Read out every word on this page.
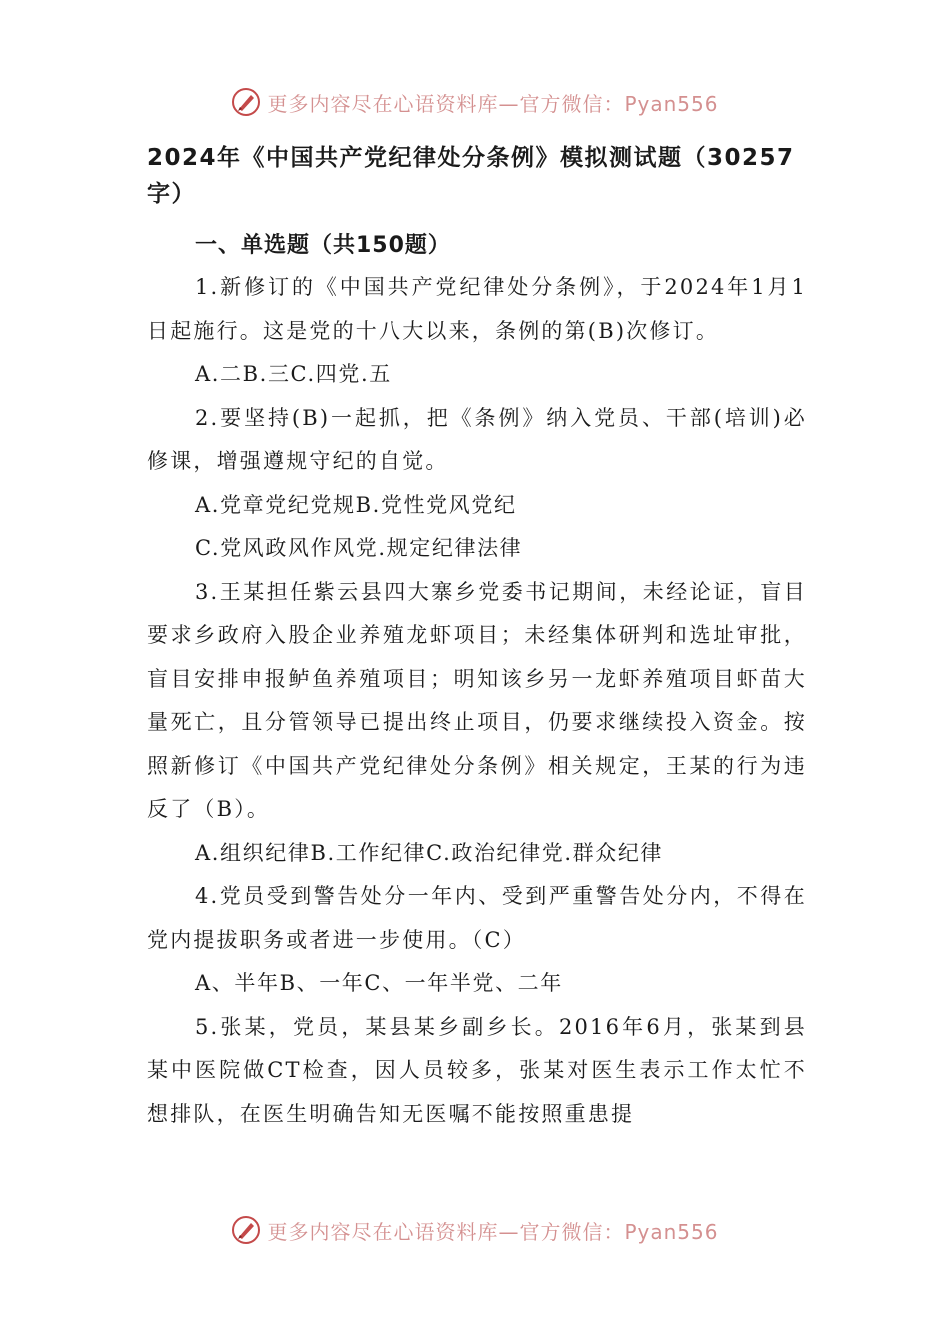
更多内容尽在心语资料库—官方微信：Pyan556
2024年《中国共产党纪律处分条例》模拟测试题（30257字）
一、单选题（共150题）

1.新修订的《中国共产党纪律处分条例》，于2024年1月1日起施行。这是党的十八大以来，条例的第(B)次修订。

A.二B.三C.四党.五

2.要坚持(B)一起抓，把《条例》纳入党员、干部(培训)必修课，增强遵规守纪的自觉。

A.党章党纪党规B.党性党风党纪

C.党风政风作风党.规定纪律法律

3.王某担任紫云县四大寨乡党委书记期间，未经论证，盲目要求乡政府入股企业养殖龙虾项目；未经集体研判和选址审批，盲目安排申报鲈鱼养殖项目；明知该乡另一龙虾养殖项目虾苗大量死亡，且分管领导已提出终止项目，仍要求继续投入资金。按照新修订《中国共产党纪律处分条例》相关规定，王某的行为违反了（B）。

A.组织纪律B.工作纪律C.政治纪律党.群众纪律

4.党员受到警告处分一年内、受到严重警告处分内，不得在党内提拔职务或者进一步使用。（C）

A、半年B、一年C、一年半党、二年

5.张某，党员，某县某乡副乡长。2016年6月，张某到县某中医院做CT检查，因人员较多，张某对医生表示工作太忙不想排队，在医生明确告知无医嘱不能按照重患提

更多内容尽在心语资料库—官方微信：Pyan556
